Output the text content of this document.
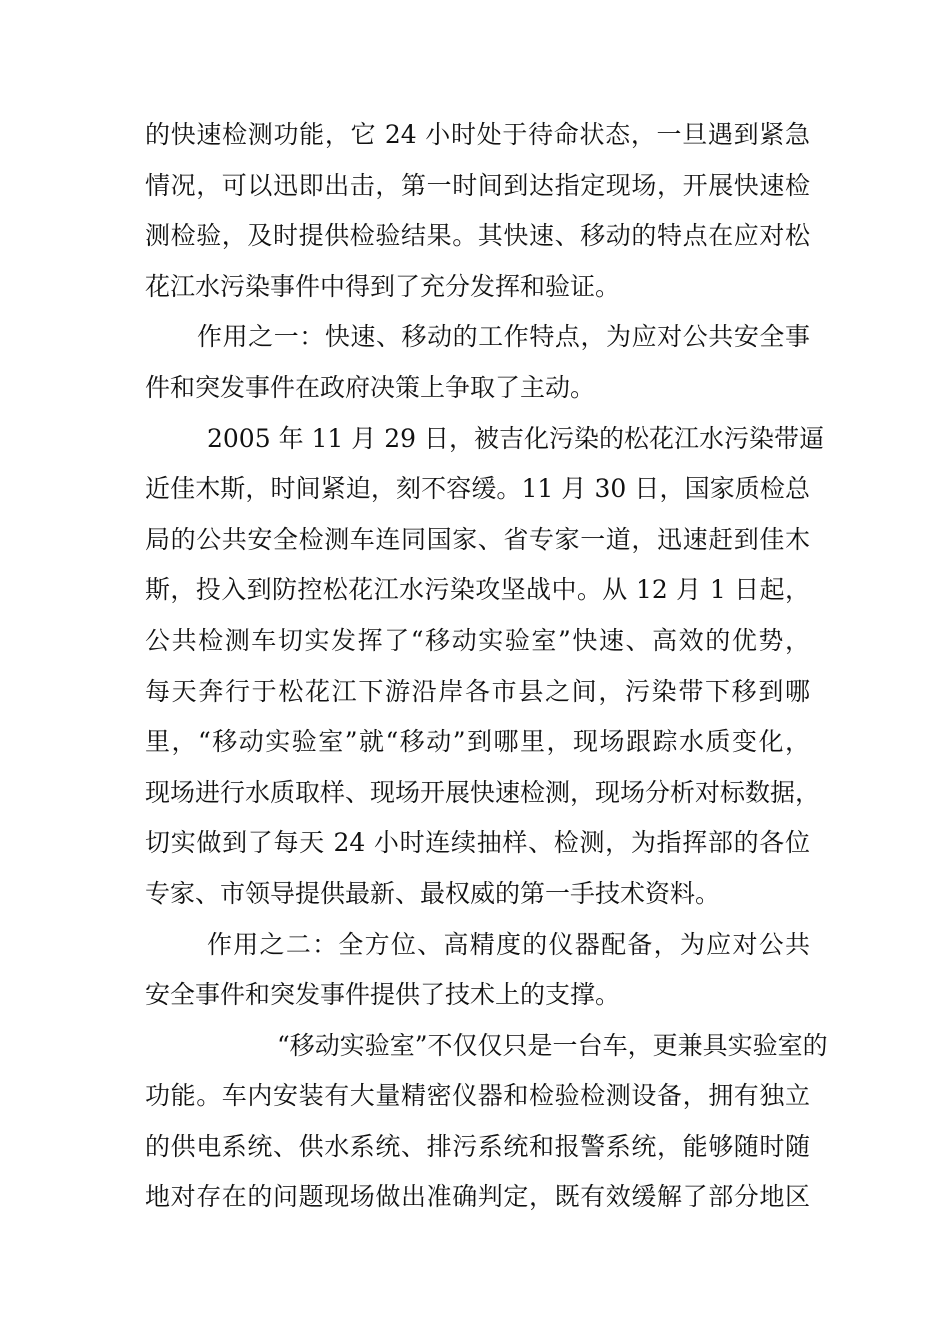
的快速检测功能，它 24 小时处于待命状态，一旦遇到紧急
情况，可以迅即出击，第一时间到达指定现场，开展快速检
测检验，及时提供检验结果。其快速、移动的特点在应对松
花江水污染事件中得到了充分发挥和验证。
作用之一：快速、移动的工作特点，为应对公共安全事
件和突发事件在政府决策上争取了主动。
2005 年 11 月 29 日，被吉化污染的松花江水污染带逼
近佳木斯，时间紧迫，刻不容缓。11 月 30 日，国家质检总
局的公共安全检测车连同国家、省专家一道，迅速赶到佳木
斯，投入到防控松花江水污染攻坚战中。从 12 月 1 日起，
公共检测车切实发挥了“移动实验室”快速、高效的优势，
每天奔行于松花江下游沿岸各市县之间，污染带下移到哪
里，“移动实验室”就“移动”到哪里，现场跟踪水质变化，
现场进行水质取样、现场开展快速检测，现场分析对标数据，
切实做到了每天 24 小时连续抽样、检测，为指挥部的各位
专家、市领导提供最新、最权威的第一手技术资料。
作用之二：全方位、高精度的仪器配备，为应对公共
安全事件和突发事件提供了技术上的支撑。
“移动实验室”不仅仅只是一台车，更兼具实验室的
功能。车内安装有大量精密仪器和检验检测设备，拥有独立
的供电系统、供水系统、排污系统和报警系统，能够随时随
地对存在的问题现场做出准确判定，既有效缓解了部分地区
